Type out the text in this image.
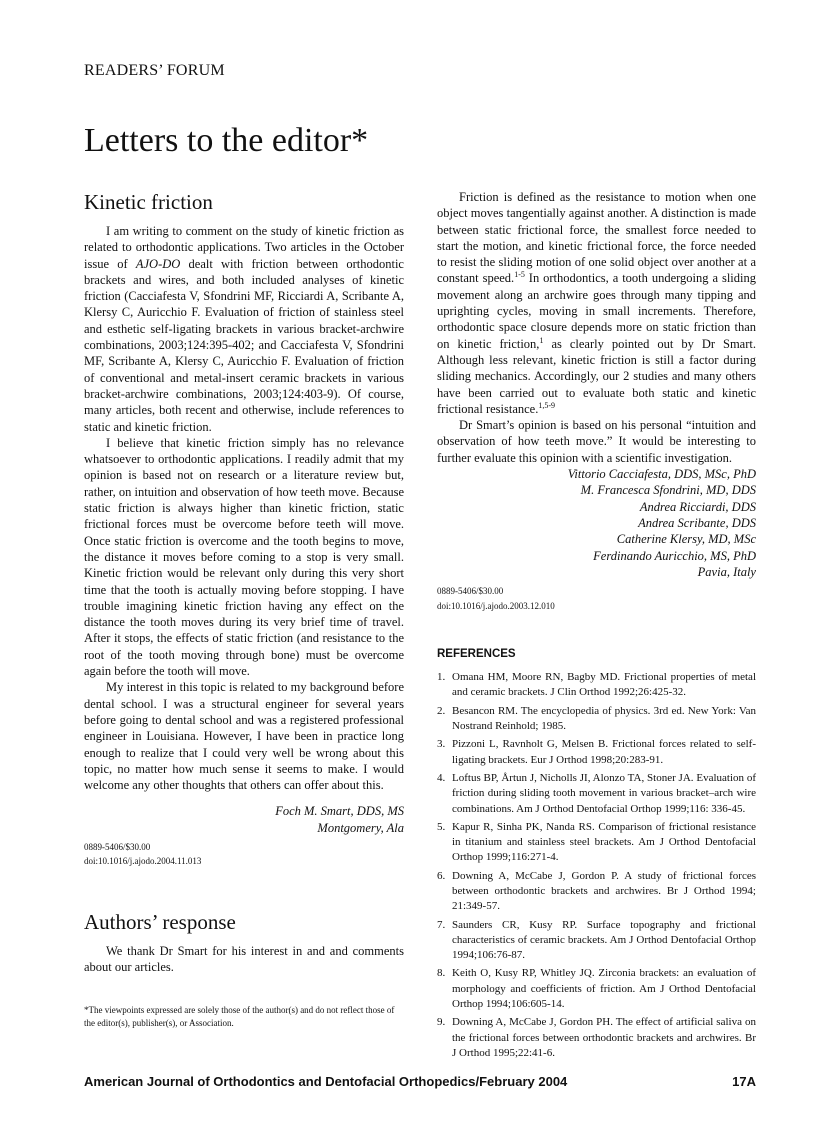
READERS’ FORUM
Letters to the editor*
Kinetic friction

I am writing to comment on the study of kinetic friction as related to orthodontic applications. Two articles in the October issue of AJO-DO dealt with friction between orthodontic brackets and wires, and both included analyses of kinetic friction (Cacciafesta V, Sfondrini MF, Ricciardi A, Scribante A, Klersy C, Auricchio F. Evaluation of friction of stainless steel and esthetic self-ligating brackets in various bracket-archwire combinations, 2003;124:395-402; and Cacciafesta V, Sfondrini MF, Scribante A, Klersy C, Auricchio F. Evaluation of friction of conventional and metal-insert ceramic brackets in various bracket-archwire combinations, 2003;124:403-9). Of course, many articles, both recent and otherwise, include references to static and kinetic friction.

I believe that kinetic friction simply has no relevance whatsoever to orthodontic applications. I readily admit that my opinion is based not on research or a literature review but, rather, on intuition and observation of how teeth move. Because static friction is always higher than kinetic friction, static frictional forces must be overcome before teeth will move. Once static friction is overcome and the tooth begins to move, the distance it moves before coming to a stop is very small. Kinetic friction would be relevant only during this very short time that the tooth is actually moving before stopping. I have trouble imagining kinetic friction having any effect on the distance the tooth moves during its very brief time of travel. After it stops, the effects of static friction (and resistance to the root of the tooth moving through bone) must be overcome again before the tooth will move.

My interest in this topic is related to my background before dental school. I was a structural engineer for several years before going to dental school and was a registered professional engineer in Louisiana. However, I have been in practice long enough to realize that I could very well be wrong about this topic, no matter how much sense it seems to make. I would welcome any other thoughts that others can offer about this.

Foch M. Smart, DDS, MS
Montgomery, Ala
0889-5406/$30.00
doi:10.1016/j.ajodo.2004.11.013
Authors’ response

We thank Dr Smart for his interest in and and comments about our articles.

*The viewpoints expressed are solely those of the author(s) and do not reflect those of the editor(s), publisher(s), or Association.

Friction is defined as the resistance to motion when one object moves tangentially against another. A distinction is made between static frictional force, the smallest force needed to start the motion, and kinetic frictional force, the force needed to resist the sliding motion of one solid object over another at a constant speed.$^{1-5}$ In orthodontics, a tooth undergoing a sliding movement along an archwire goes through many tipping and uprighting cycles, moving in small increments. Therefore, orthodontic space closure depends more on static friction than on kinetic friction,$^1$ as clearly pointed out by Dr Smart. Although less relevant, kinetic friction is still a factor during sliding mechanics. Accordingly, our 2 studies and many others have been carried out to evaluate both static and kinetic frictional resistance.$^{1,5-9}$

Dr Smart’s opinion is based on his personal “intuition and observation of how teeth move.” It would be interesting to further evaluate this opinion with a scientific investigation.

Vittorio Cacciafesta, DDS, MSc, PhD
M. Francesca Sfondrini, MD, DDS
Andrea Ricciardi, DDS
Andrea Scribante, DDS
Catherine Klersy, MD, MSc
Ferdinando Auricchio, MS, PhD
Pavia, Italy
0889-5406/$30.00
doi:10.1016/j.ajodo.2003.12.010
REFERENCES
1. Omana HM, Moore RN, Bagby MD. Frictional properties of metal and ceramic brackets. J Clin Orthod 1992;26:425-32.
2. Besancon RM. The encyclopedia of physics. 3rd ed. New York: Van Nostrand Reinhold; 1985.
3. Pizzoni L, Ravnholt G, Melsen B. Frictional forces related to self-ligating brackets. Eur J Orthod 1998;20:283-91.
4. Loftus BP, Årtun J, Nicholls JI, Alonzo TA, Stoner JA. Evaluation of friction during sliding tooth movement in various bracket–arch wire combinations. Am J Orthod Dentofacial Orthop 1999;116: 336-45.
5. Kapur R, Sinha PK, Nanda RS. Comparison of frictional resistance in titanium and stainless steel brackets. Am J Orthod Dentofacial Orthop 1999;116:271-4.
6. Downing A, McCabe J, Gordon P. A study of frictional forces between orthodontic brackets and archwires. Br J Orthod 1994; 21:349-57.
7. Saunders CR, Kusy RP. Surface topography and frictional characteristics of ceramic brackets. Am J Orthod Dentofacial Orthop 1994;106:76-87.
8. Keith O, Kusy RP, Whitley JQ. Zirconia brackets: an evaluation of morphology and coefficients of friction. Am J Orthod Dentofacial Orthop 1994;106:605-14.
9. Downing A, McCabe J, Gordon PH. The effect of artificial saliva on the frictional forces between orthodontic brackets and archwires. Br J Orthod 1995;22:41-6.
American Journal of Orthodontics and Dentofacial Orthopedics/February 2004	17A
